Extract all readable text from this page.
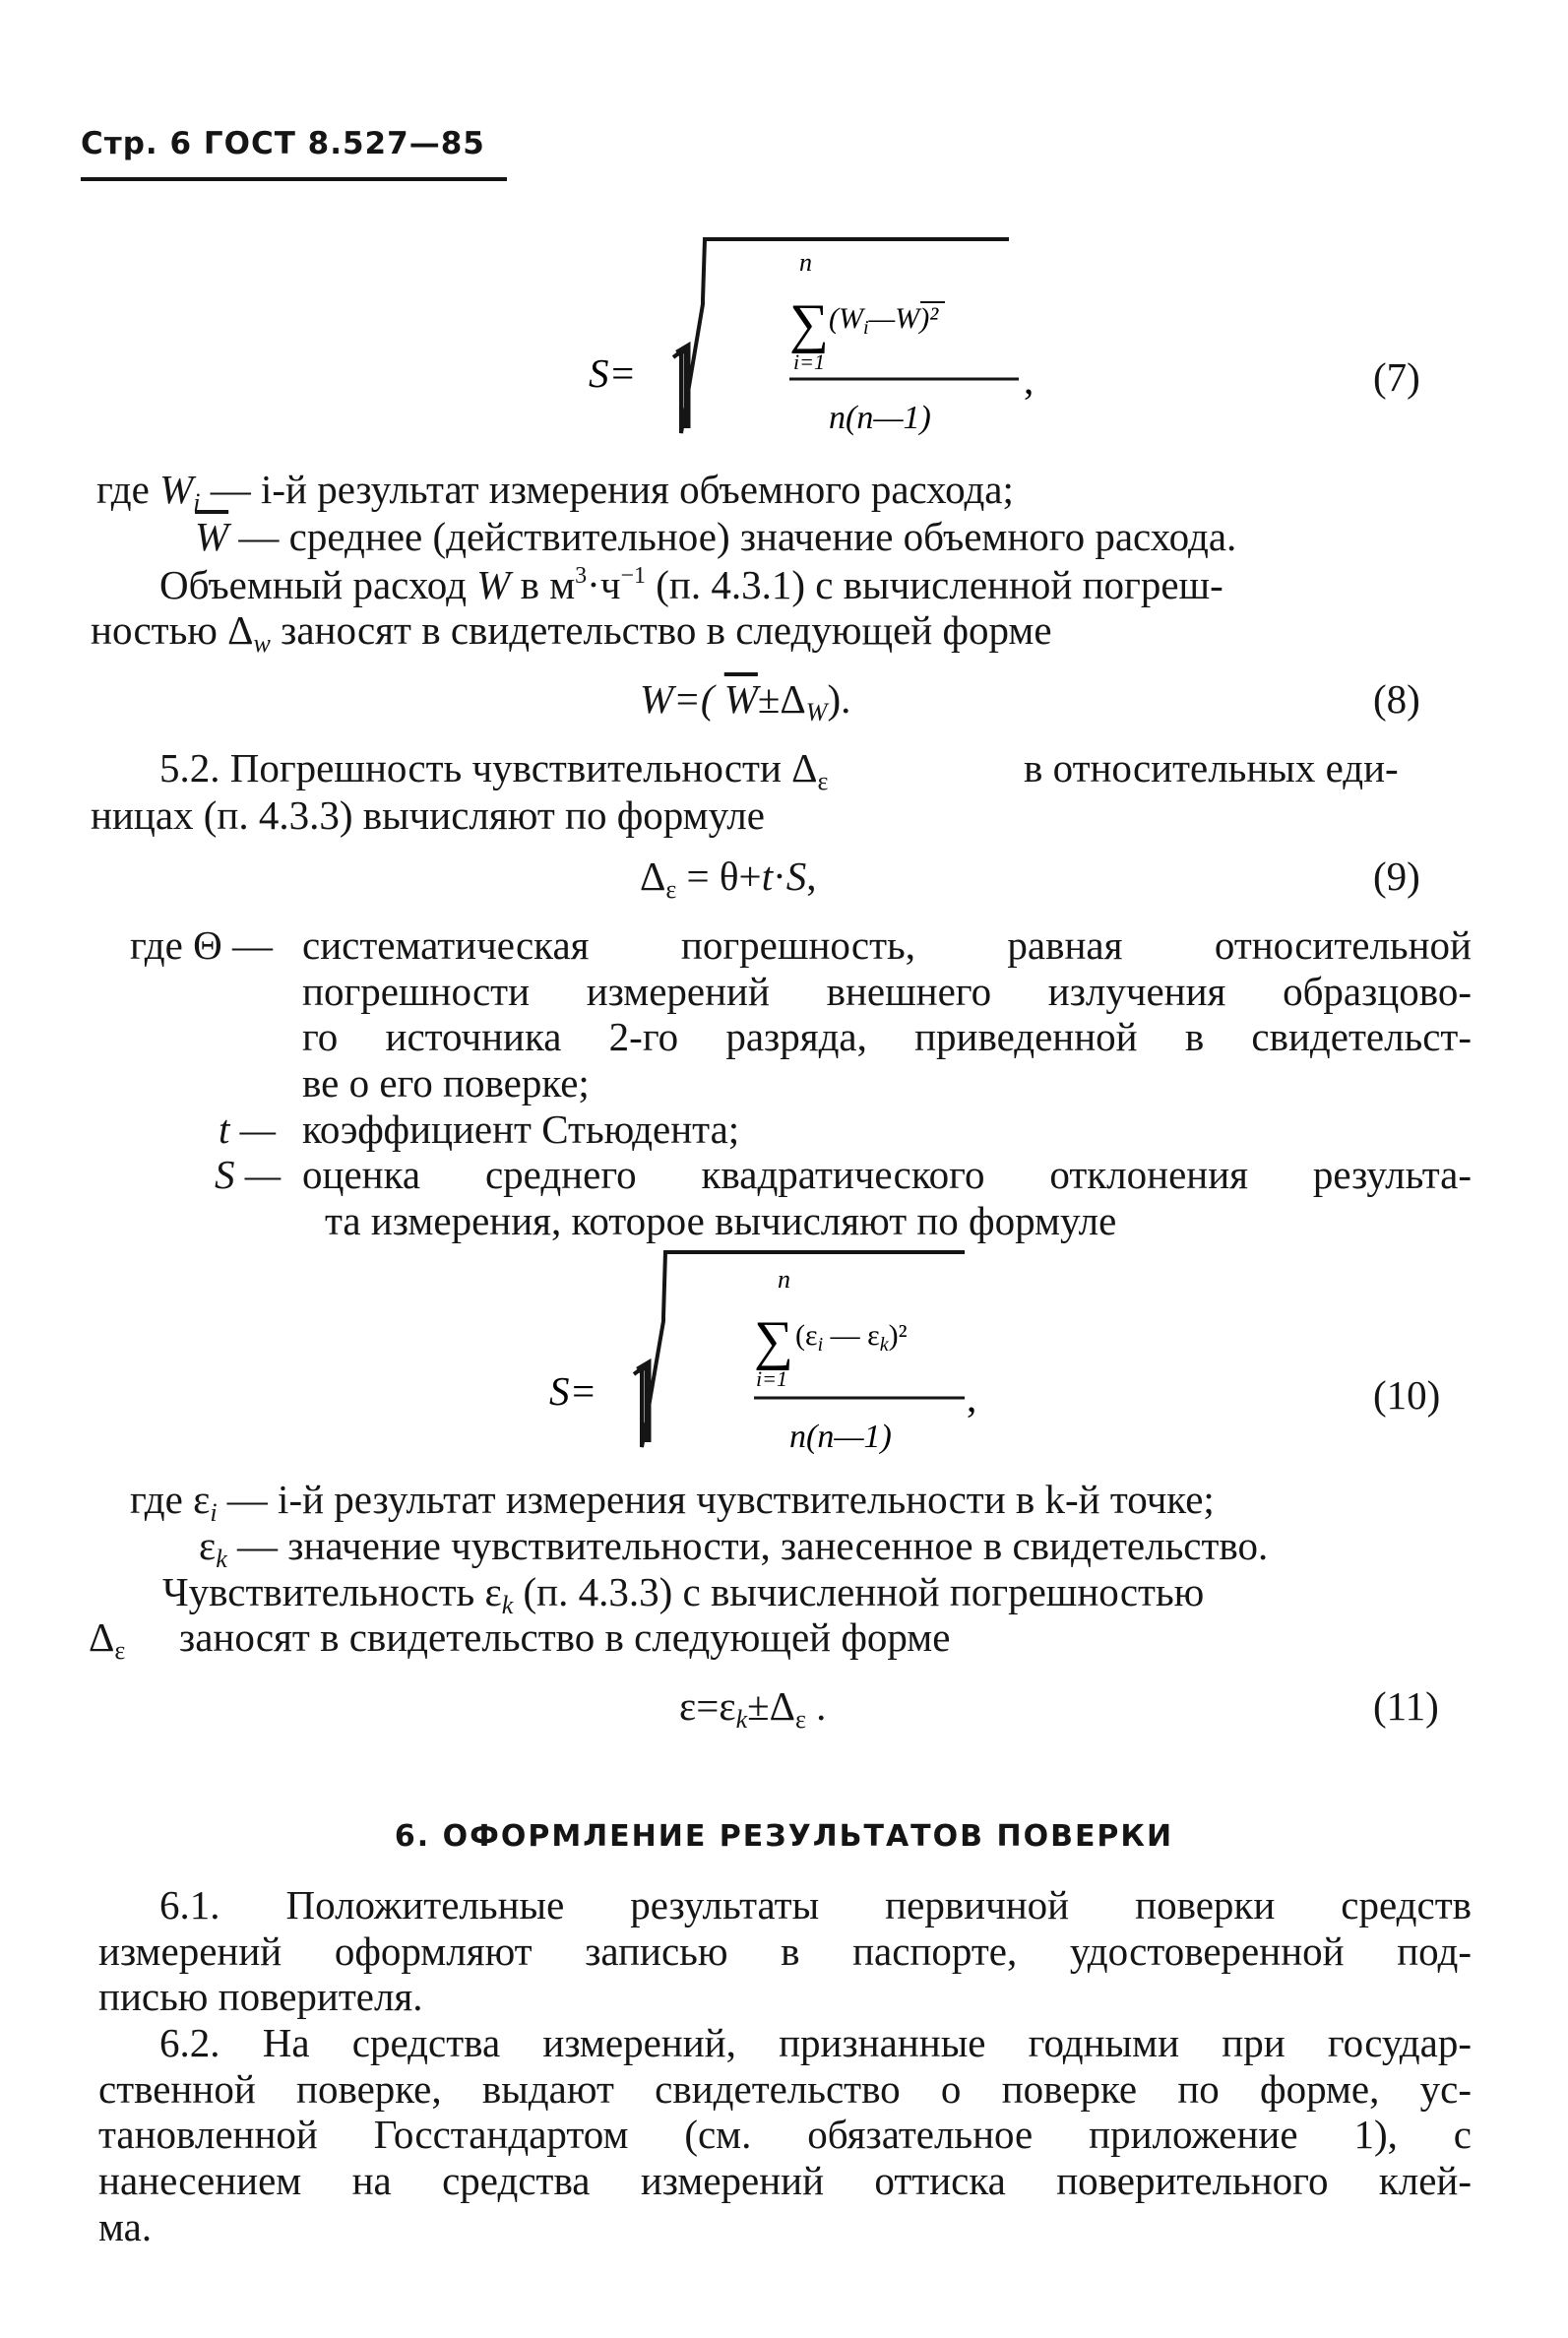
Стр. 6 ГОСТ 8.527—85
S=
n
∑
i=1
$(W_i—W)^2$
n(n—1)
,	(7)
где $W_i$ — i-й результат измерения объемного расхода;
$\overline{W}$ — среднее (действительное) значение объемного расхода.
Объемный расход W в $м^3\cdot ч^{-1}$ (п. 4.3.1) с вычисленной погреш-
ностью $\Delta_w$ заносят в свидетельство в следующей форме
W=( $\overline{W}\pm\Delta_W$).	(8)
5.2. Погрешность чувствительности $\Delta_\varepsilon$	в относительных еди-
ницах (п. 4.3.3) вычисляют по формуле
$\Delta_\varepsilon = \theta+t\cdot S$,	(9)
где Θ — систематическая погрешность, равная относительной
погрешности измерений внешнего излучения образцово-
го источника 2-го разряда, приведенной в свидетельст-
ве о его поверке;
t — коэффициент Стьюдента;
S — оценка среднего квадратического отклонения результа-
та измерения, которое вычисляют по формуле
S=
n
∑
i=1
($\varepsilon_i$ — $\varepsilon_k)^2$
n(n—1)
,	(10)
где $\varepsilon_i$ — i-й результат измерения чувствительности в k-й точке;
$\varepsilon_k$ — значение чувствительности, занесенное в свидетельство.
Чувствительность $\varepsilon_k$ (п. 4.3.3) с вычисленной погрешностью
$\Delta_\varepsilon$ заносят в свидетельство в следующей форме
$\varepsilon=\varepsilon_k\pm\Delta_\varepsilon$ .	(11)
6. ОФОРМЛЕНИЕ РЕЗУЛЬТАТОВ ПОВЕРКИ
6.1. Положительные результаты первичной поверки средств
измерений оформляют записью в паспорте, удостоверенной под-
писью поверителя.
6.2. На средства измерений, признанные годными при государ-
ственной поверке, выдают свидетельство о поверке по форме, ус-
тановленной Госстандартом (см. обязательное приложение 1), с
нанесением на средства измерений оттиска поверительного клей-
ма.
